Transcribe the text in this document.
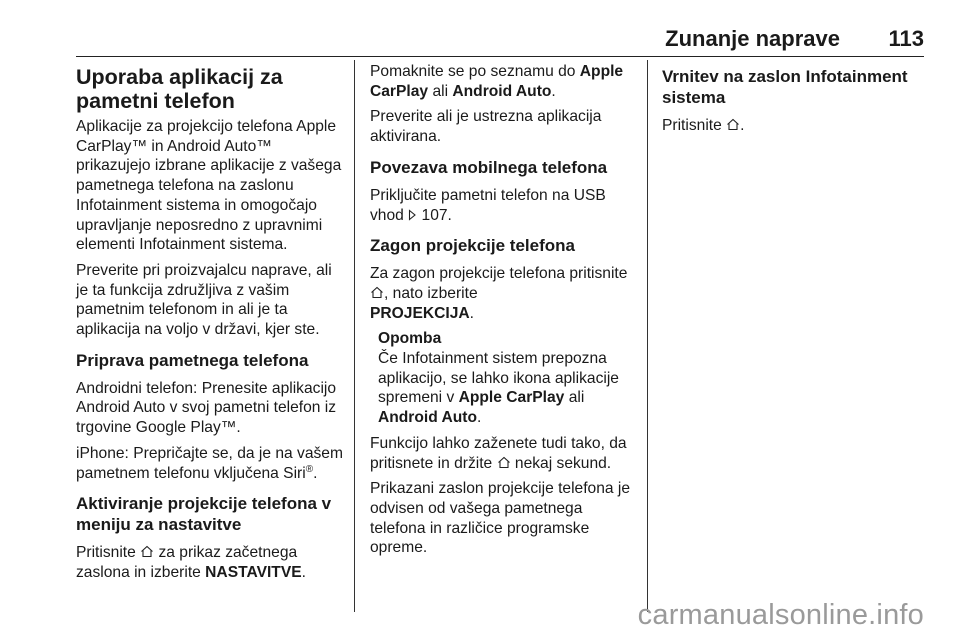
Zunanje naprave 113
Uporaba aplikacij za pametni telefon

Aplikacije za projekcijo telefona Apple CarPlay™ in Android Auto™ prikazujejo izbrane aplikacije z vašega pametnega telefona na zaslonu Infotainment sistema in omogočajo upravljanje neposredno z upravnimi elementi Infotainment sistema.

Preverite pri proizvajalcu naprave, ali je ta funkcija združljiva z vašim pametnim telefonom in ali je ta aplikacija na voljo v državi, kjer ste.

Priprava pametnega telefona

Androidni telefon: Prenesite aplikacijo Android Auto v svoj pametni telefon iz trgovine Google Play™.

iPhone: Prepričajte se, da je na vašem pametnem telefonu vključena Siri®.

Aktiviranje projekcije telefona v meniju za nastavitve

Pritisnite za prikaz začetnega zaslona in izberite NASTAVITVE.

Pomaknite se po seznamu do Apple CarPlay ali Android Auto.

Preverite ali je ustrezna aplikacija aktivirana.

Povezava mobilnega telefona

Priključite pametni telefon na USB vhod 107.

Zagon projekcije telefona

Za zagon projekcije telefona pritisnite
, nato izberite
PROJEKCIJA.

Opomba

Če Infotainment sistem prepozna aplikacijo, se lahko ikona aplikacije spremeni v Apple CarPlay ali Android Auto.

Funkcijo lahko zaženete tudi tako, da pritisnete in držite nekaj sekund.

Prikazani zaslon projekcije telefona je odvisen od vašega pametnega telefona in različice programske opreme.

Vrnitev na zaslon Infotainment sistema

Pritisnite .

carmanualsonline.info
